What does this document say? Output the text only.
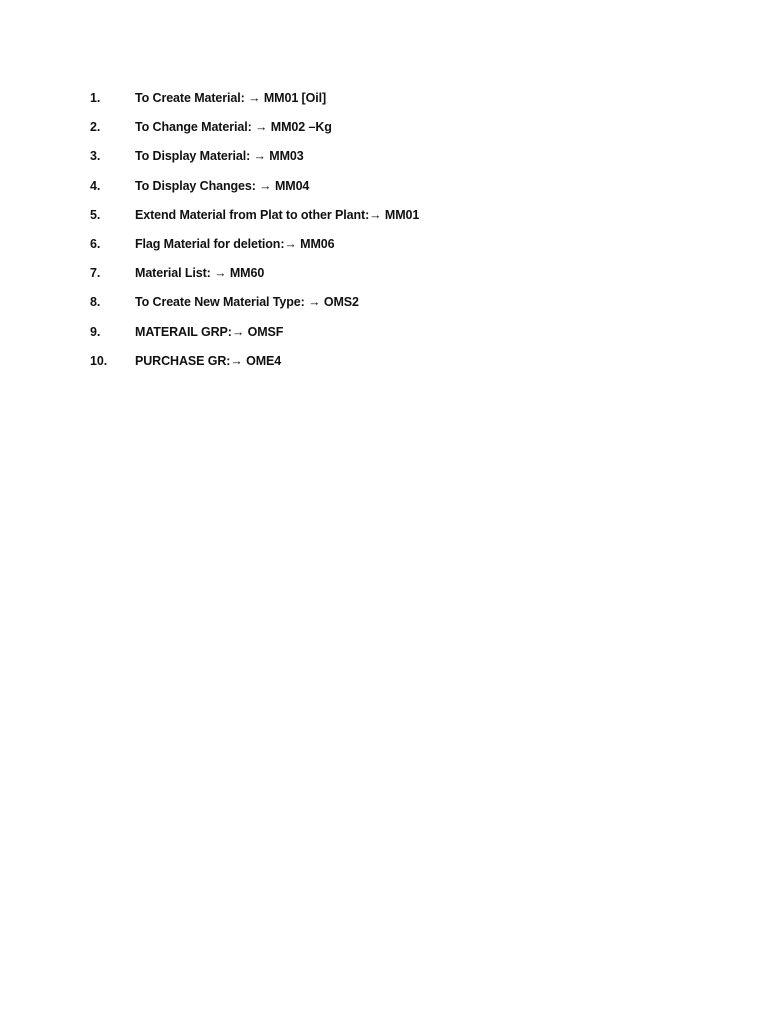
1.	To Create Material: → MM01 [Oil]
2.	To Change Material: → MM02 –Kg
3.	To Display Material: → MM03
4.	To Display Changes: → MM04
5.	Extend Material from Plat to other Plant:→ MM01
6.	Flag Material for deletion:→ MM06
7.	Material List: → MM60
8.	To Create New Material Type: → OMS2
9.	MATERAIL GRP:→ OMSF
10.	PURCHASE GR:→ OME4
